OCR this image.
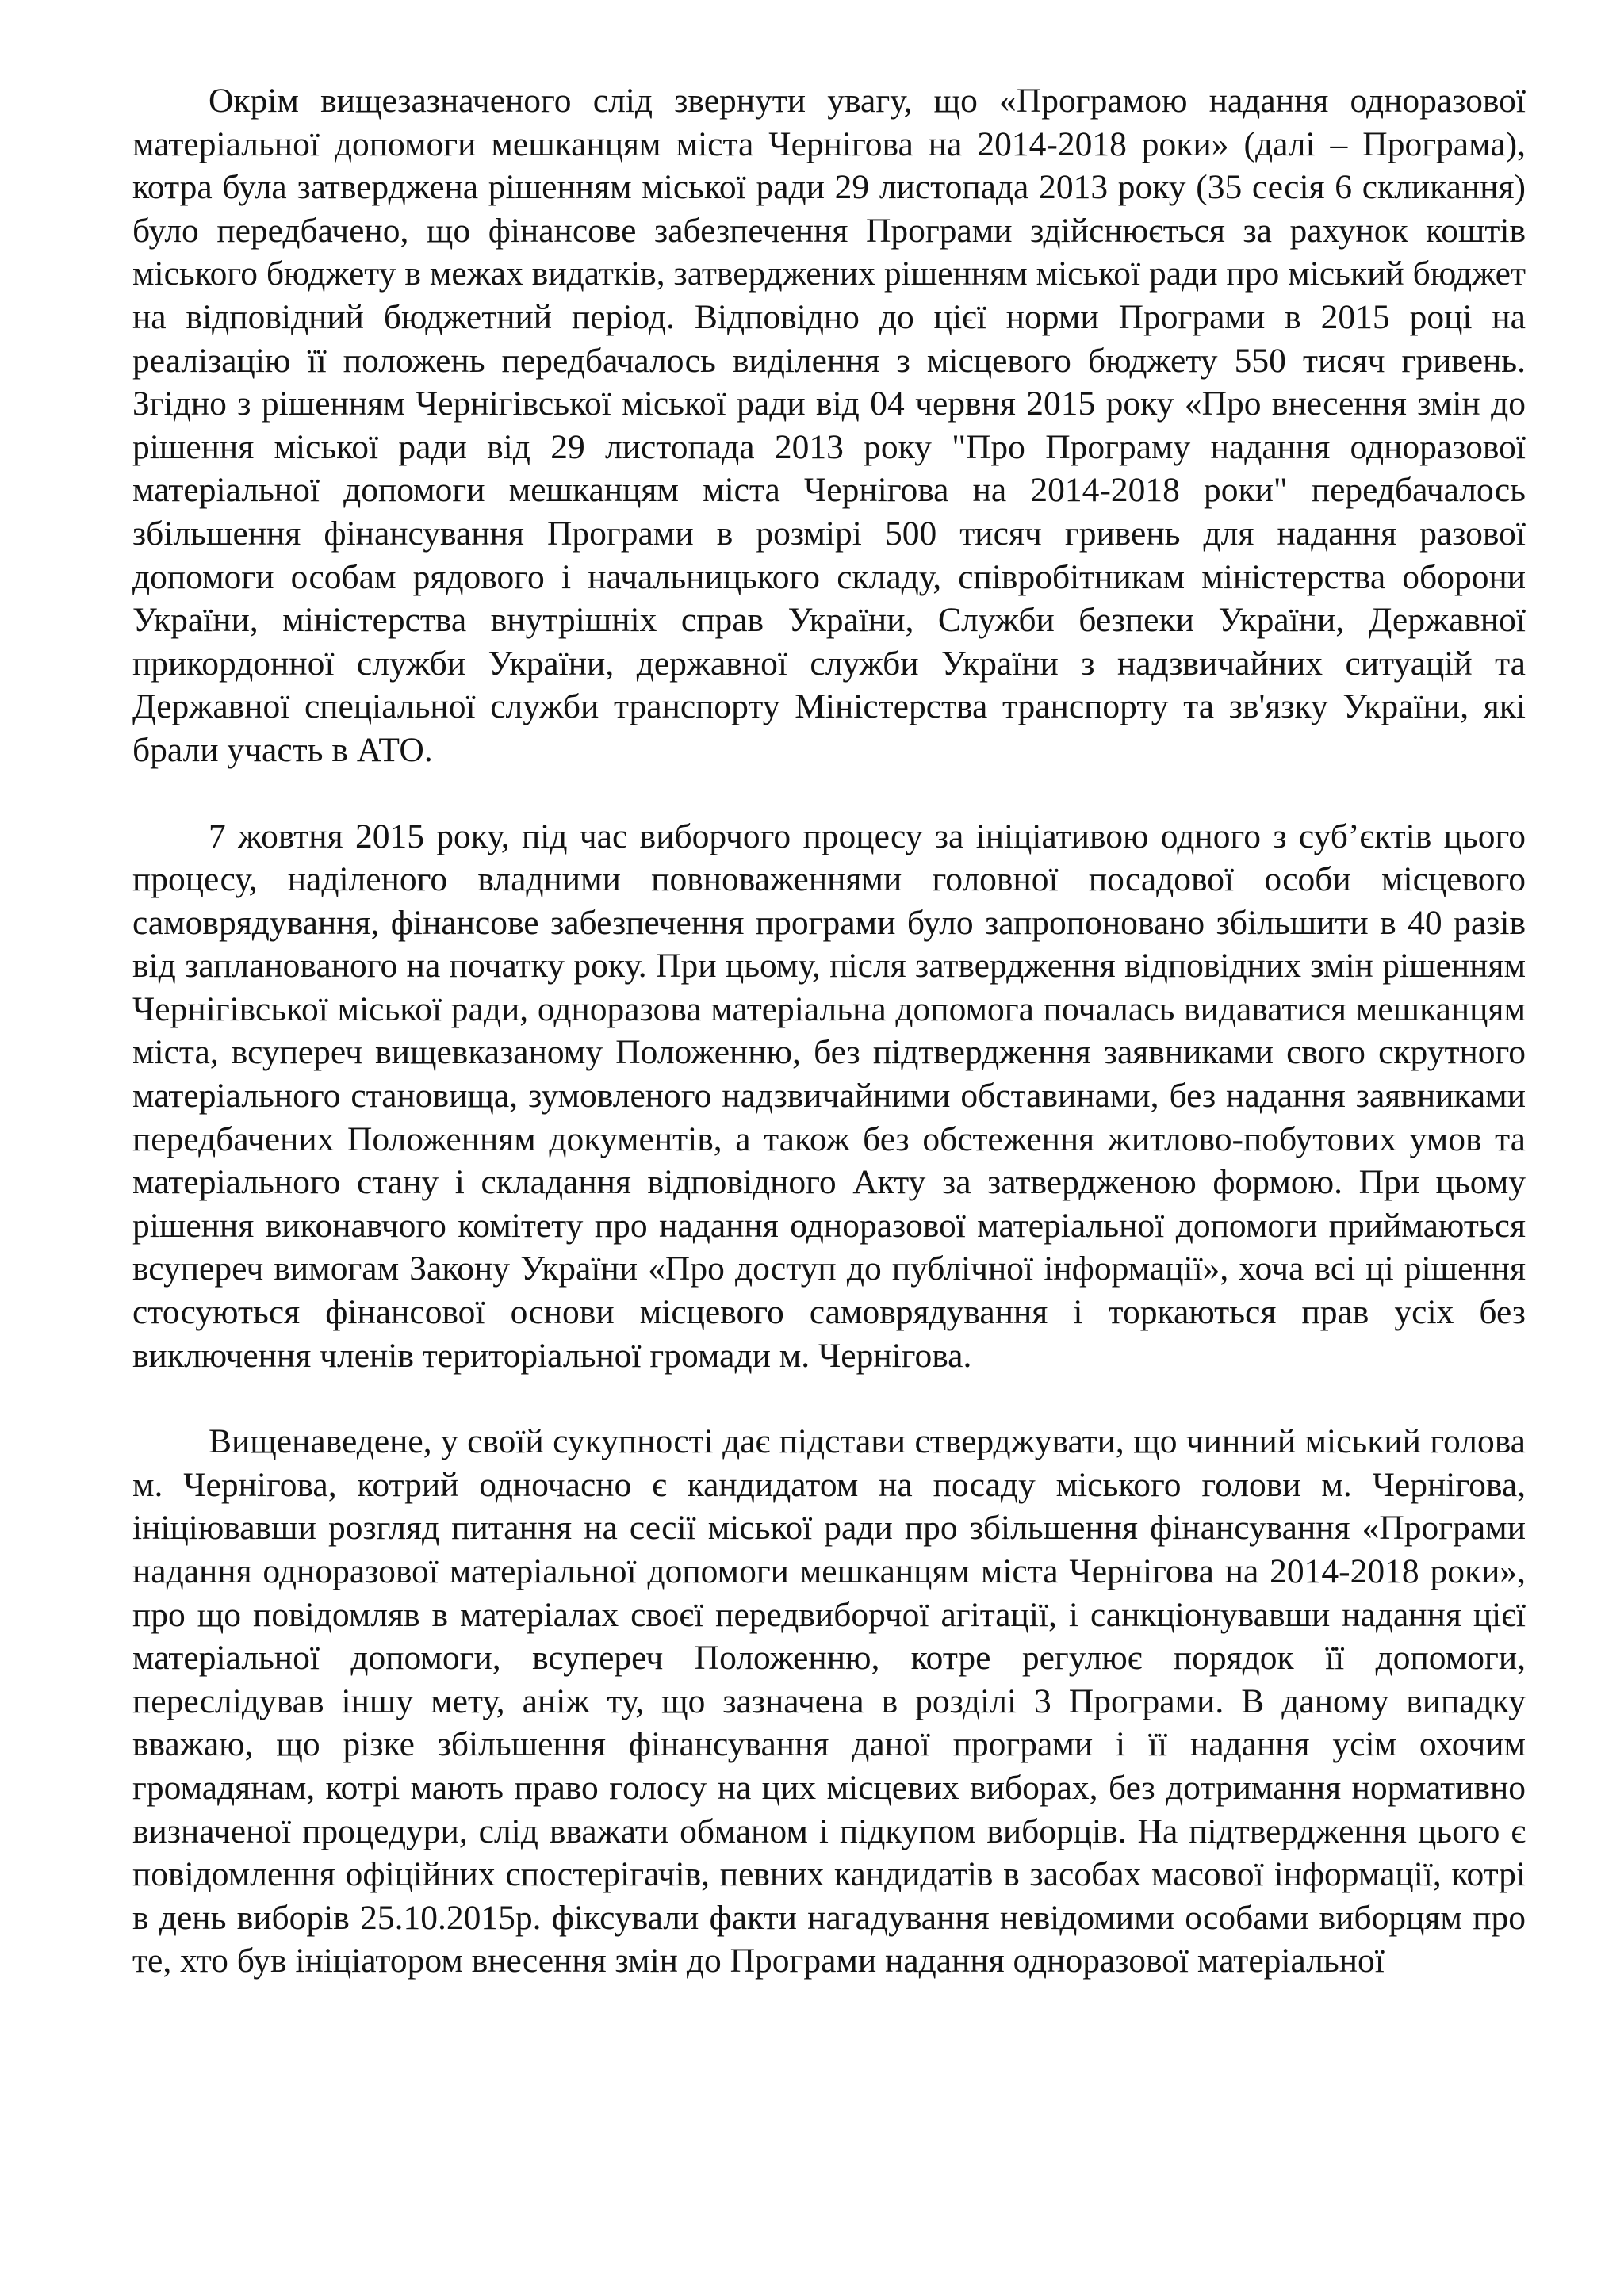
Окрім вищезазначеного слід звернути увагу, що «Програмою надання одноразової матеріальної допомоги мешканцям міста Чернігова на 2014-2018 роки» (далі – Програма), котра була затверджена рішенням міської ради 29 листопада 2013 року (35 сесія 6 скликання) було передбачено, що фінансове забезпечення Програми здійснюється за рахунок коштів міського бюджету в межах видатків, затверджених рішенням міської ради про міський бюджет на відповідний бюджетний період. Відповідно до цієї норми Програми в 2015 році на реалізацію її положень передбачалось виділення з місцевого бюджету 550 тисяч гривень. Згідно з рішенням Чернігівської міської ради від 04 червня 2015 року «Про внесення змін до рішення міської ради від 29 листопада 2013 року "Про Програму надання одноразової матеріальної допомоги мешканцям міста Чернігова на 2014-2018 роки" передбачалось збільшення фінансування Програми в розмірі 500 тисяч гривень для надання разової допомоги особам рядового і начальницького складу, співробітникам міністерства оборони України, міністерства внутрішніх справ України, Служби безпеки України, Державної прикордонної служби України, державної служби України з надзвичайних ситуацій та Державної спеціальної служби транспорту Міністерства транспорту та зв'язку України, які брали участь в АТО.

7 жовтня 2015 року, під час виборчого процесу за ініціативою одного з суб’єктів цього процесу, наділеного владними повноваженнями головної посадової особи місцевого самоврядування, фінансове забезпечення програми було запропоновано збільшити в 40 разів від запланованого на початку року. При цьому, після затвердження відповідних змін рішенням Чернігівської міської ради, одноразова матеріальна допомога почалась видаватися мешканцям міста, всупереч вищевказаному Положенню, без підтвердження заявниками свого скрутного матеріального становища, зумовленого надзвичайними обставинами, без надання заявниками передбачених Положенням документів, а також без обстеження житлово-побутових умов та матеріального стану і складання відповідного Акту за затвердженою формою. При цьому рішення виконавчого комітету про надання одноразової матеріальної допомоги приймаються всупереч вимогам Закону України «Про доступ до публічної інформації», хоча всі ці рішення стосуються фінансової основи місцевого самоврядування і торкаються прав усіх без виключення членів територіальної громади м. Чернігова.

Вищенаведене, у своїй сукупності дає підстави стверджувати, що чинний міський голова м. Чернігова, котрий одночасно є кандидатом на посаду міського голови м. Чернігова, ініціювавши розгляд питання на сесії міської ради про збільшення фінансування «Програми надання одноразової матеріальної допомоги мешканцям міста Чернігова на 2014-2018 роки», про що повідомляв в матеріалах своєї передвиборчої агітації, і санкціонувавши надання цієї матеріальної допомоги, всупереч Положенню, котре регулює порядок її допомоги, переслідував іншу мету, аніж ту, що зазначена в розділі 3 Програми. В даному випадку вважаю, що різке збільшення фінансування даної програми і її надання усім охочим громадянам, котрі мають право голосу на цих місцевих виборах, без дотримання нормативно визначеної процедури, слід вважати обманом і підкупом виборців. На підтвердження цього є повідомлення офіційних спостерігачів, певних кандидатів в засобах масової інформації, котрі в день виборів 25.10.2015р. фіксували факти нагадування невідомими особами виборцям про те, хто був ініціатором внесення змін до Програми надання одноразової матеріальної
